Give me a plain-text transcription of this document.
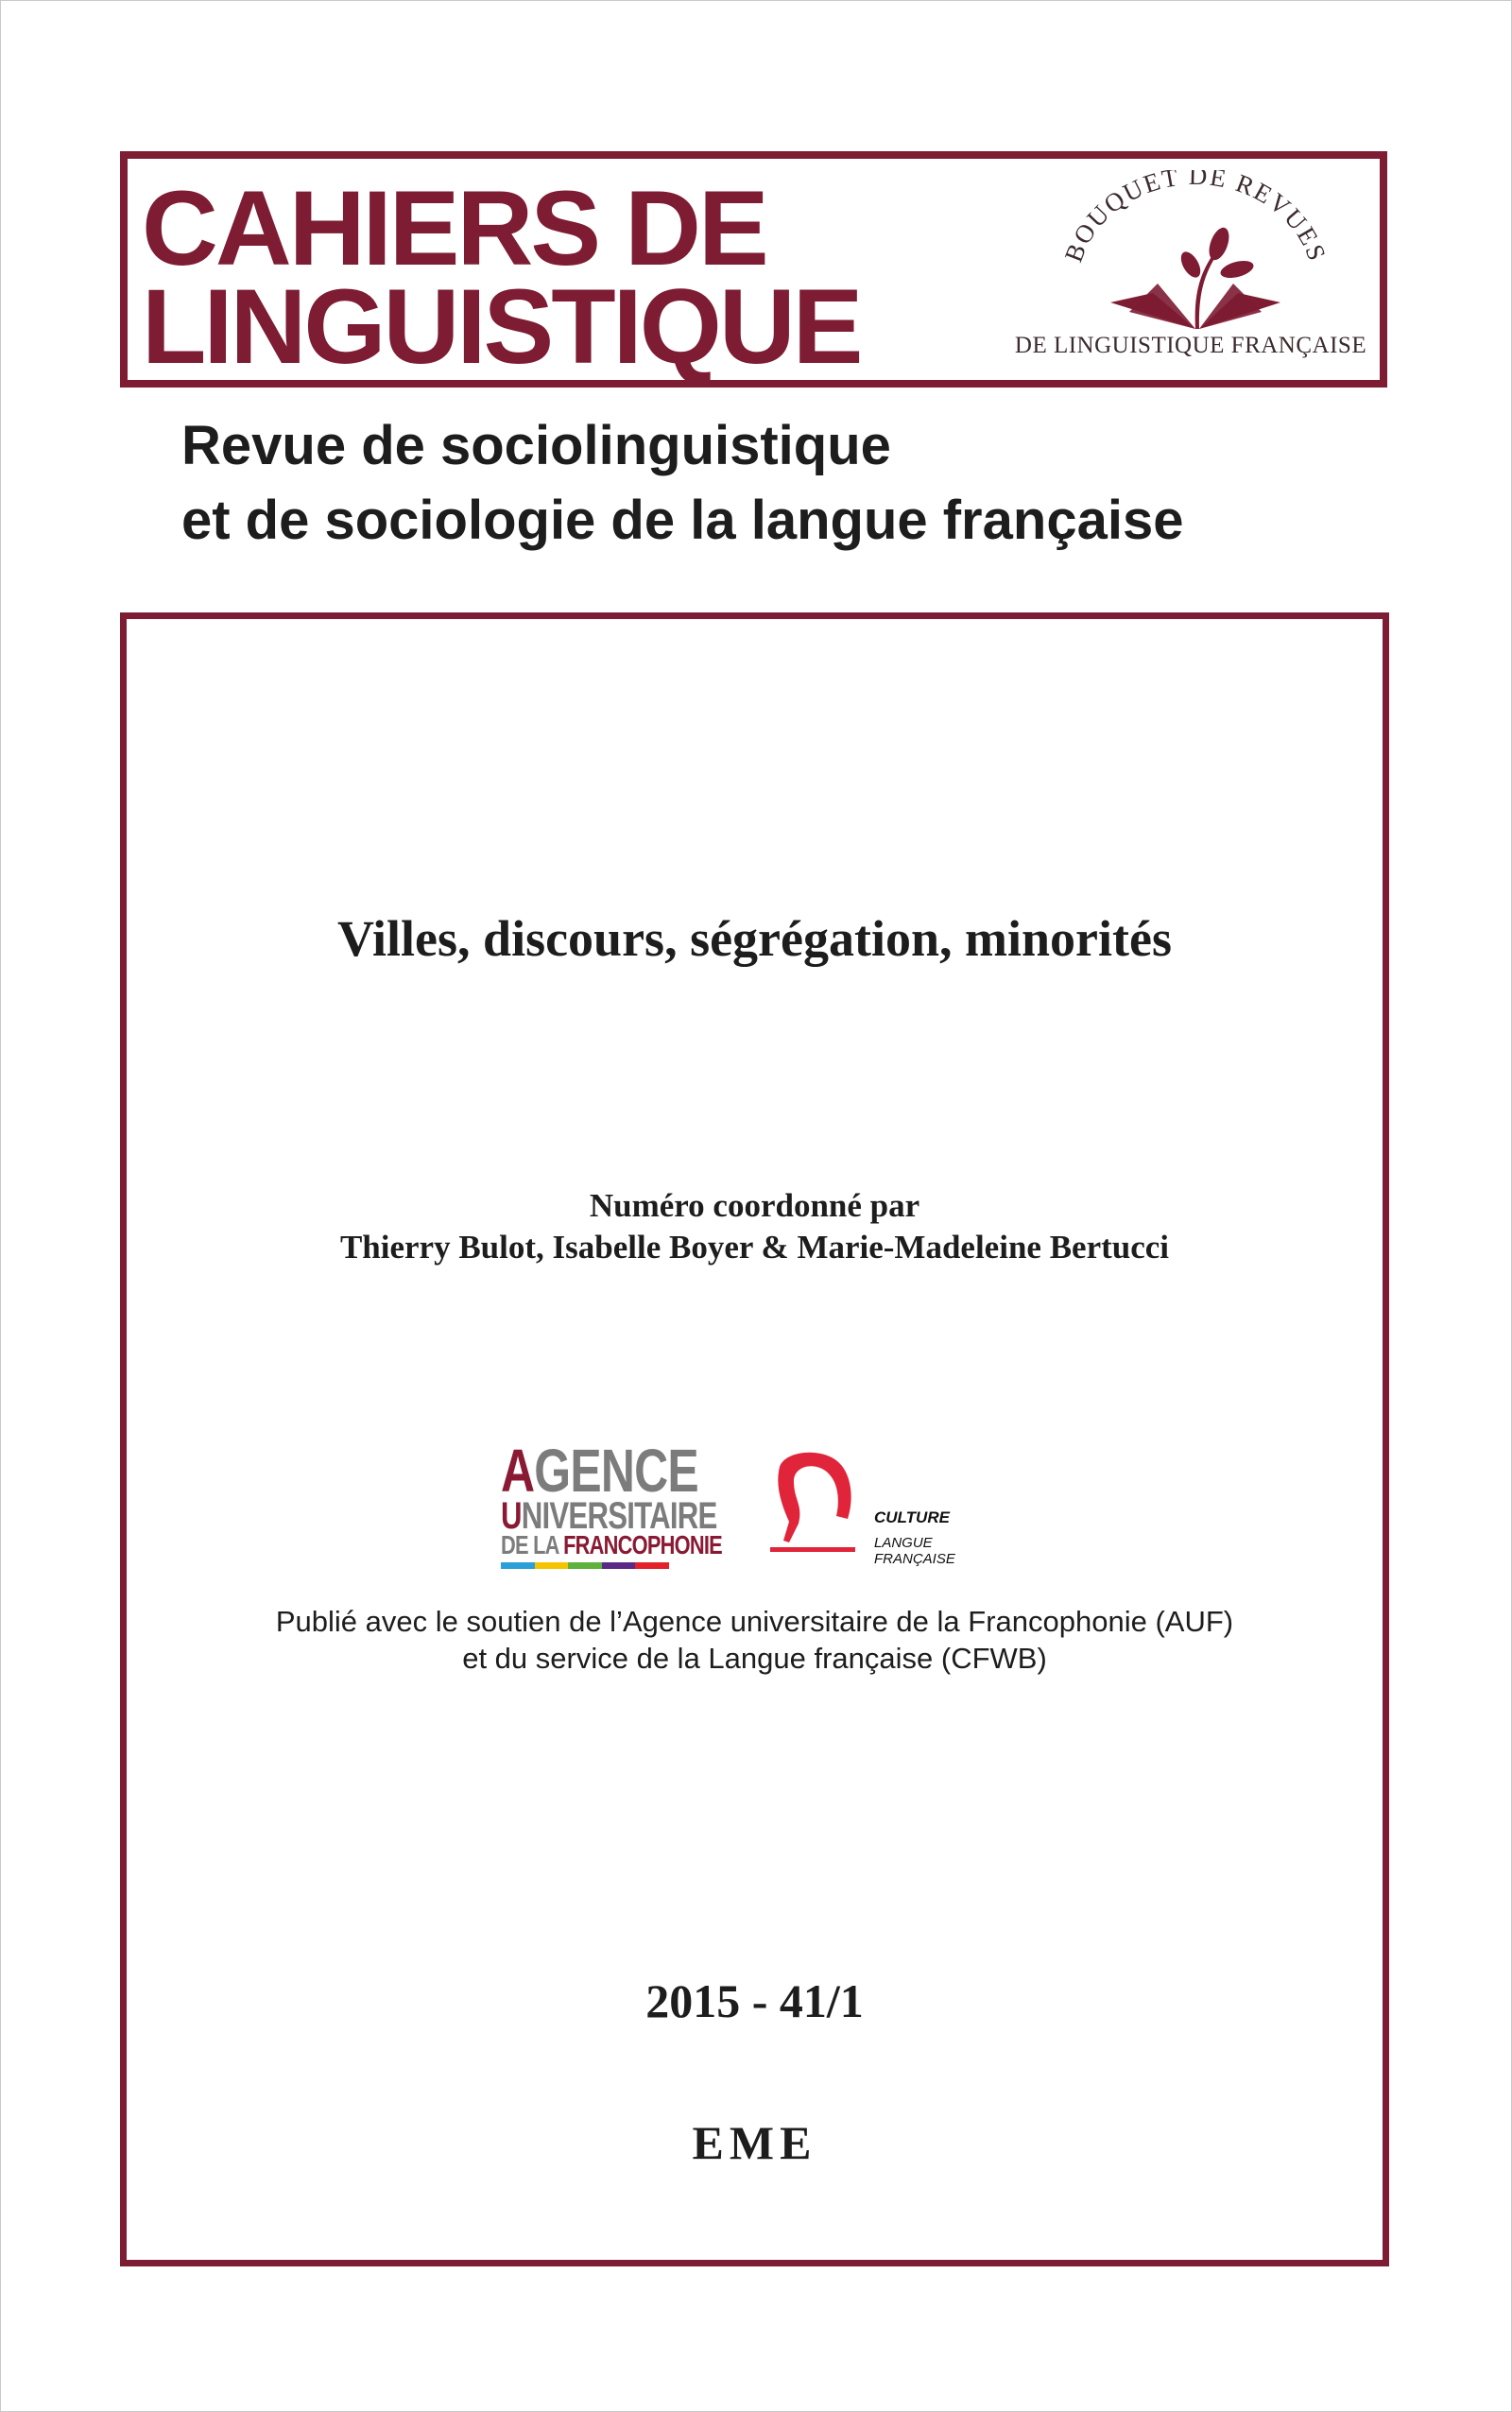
CAHIERS DE
LINGUISTIQUE
BOUQUET DE REVUES
DE LINGUISTIQUE FRANÇAISE
Revue de sociolinguistique
et de sociologie de la langue française
Villes, discours, ségrégation, minorités
Numéro coordonné par
Thierry Bulot, Isabelle Boyer & Marie-Madeleine Bertucci
AGENCE
UNIVERSITAIRE
DE LA FRANCOPHONIE
CULTURE
LANGUE FRANÇAISE
Publié avec le soutien de l’Agence universitaire de la Francophonie (AUF)
et du service de la Langue française (CFWB)
2015 - 41/1
EME
